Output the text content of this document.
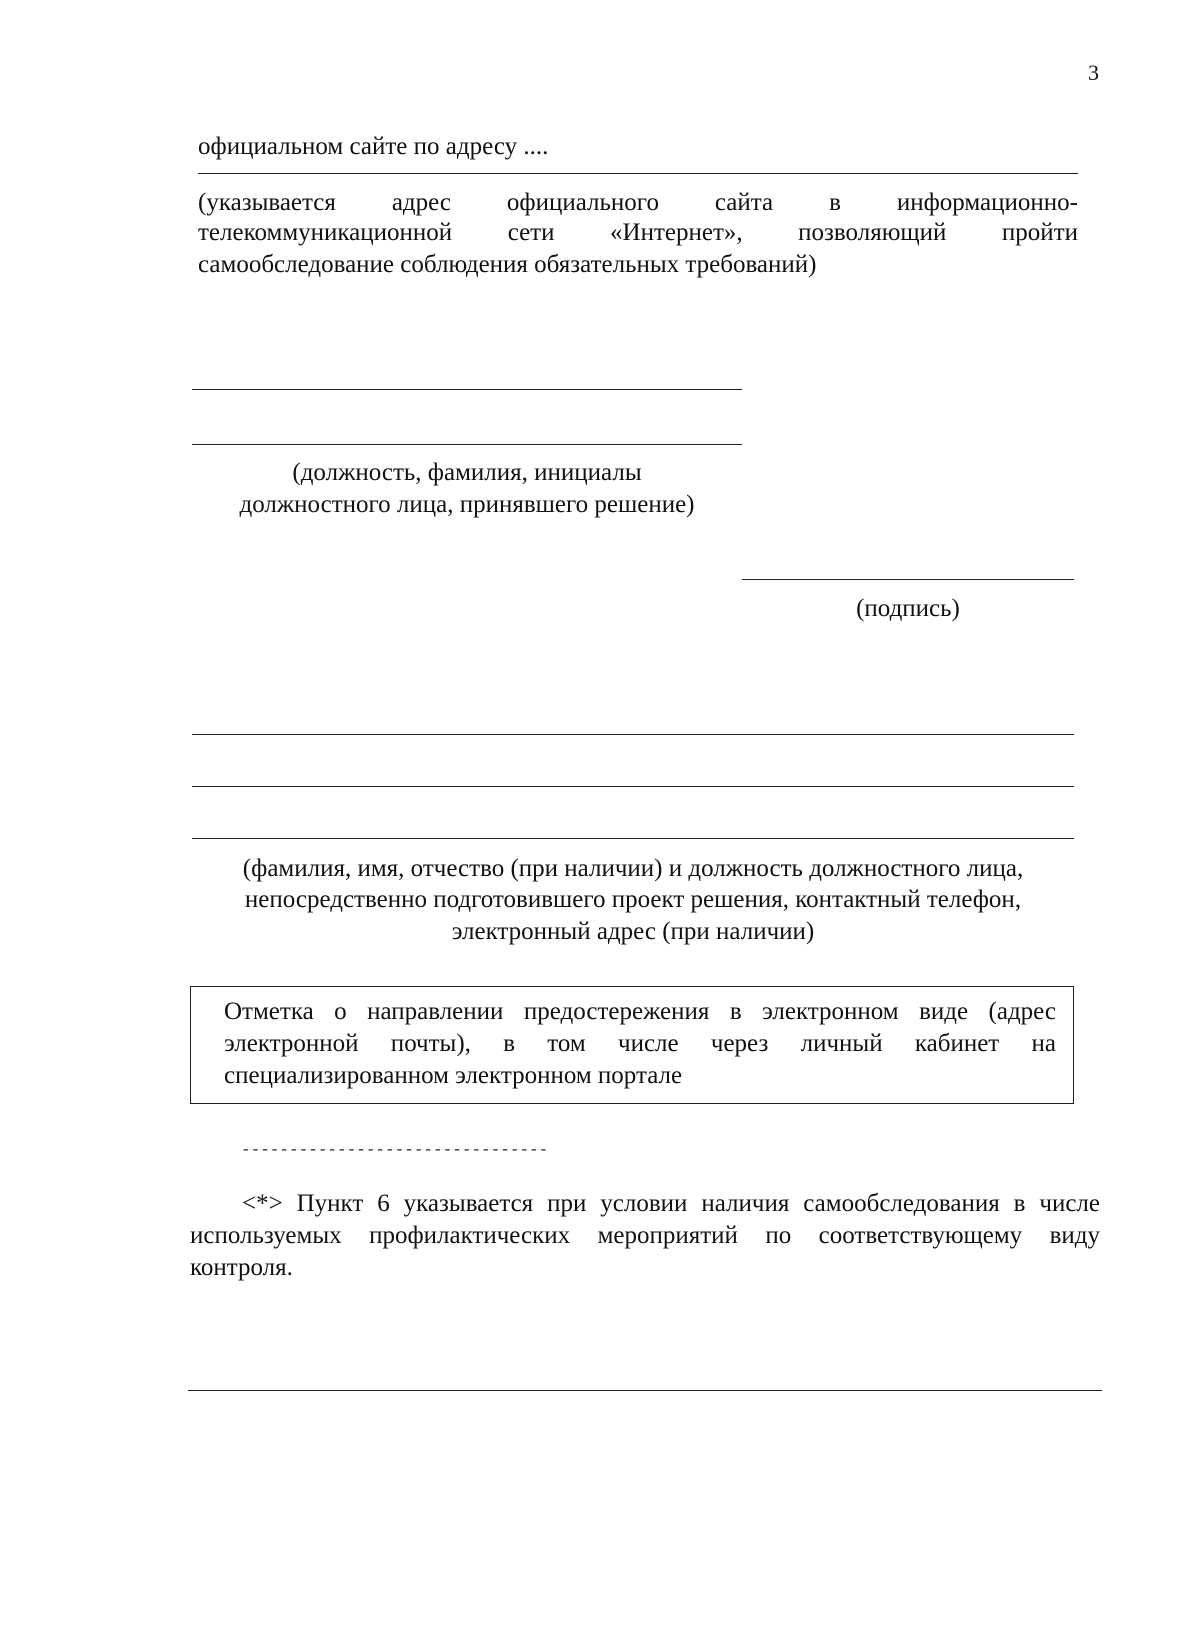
3
официальном сайте по адресу ....
(указывается адрес официального сайта в информационно-
телекоммуникационной сети «Интернет», позволяющий пройти
самообследование соблюдения обязательных требований)
(должность, фамилия, инициалы
должностного лица, принявшего решение)
(подпись)
(фамилия, имя, отчество (при наличии) и должность должностного лица,
непосредственно подготовившего проект решения, контактный телефон,
электронный адрес (при наличии)
Отметка о направлении предостережения в электронном виде (адрес
электронной почты), в том числе через личный кабинет на
специализированном электронном портале
--------------------------------
<*> Пункт 6 указывается при условии наличия самообследования в числе
используемых профилактических мероприятий по соответствующему виду
контроля.
